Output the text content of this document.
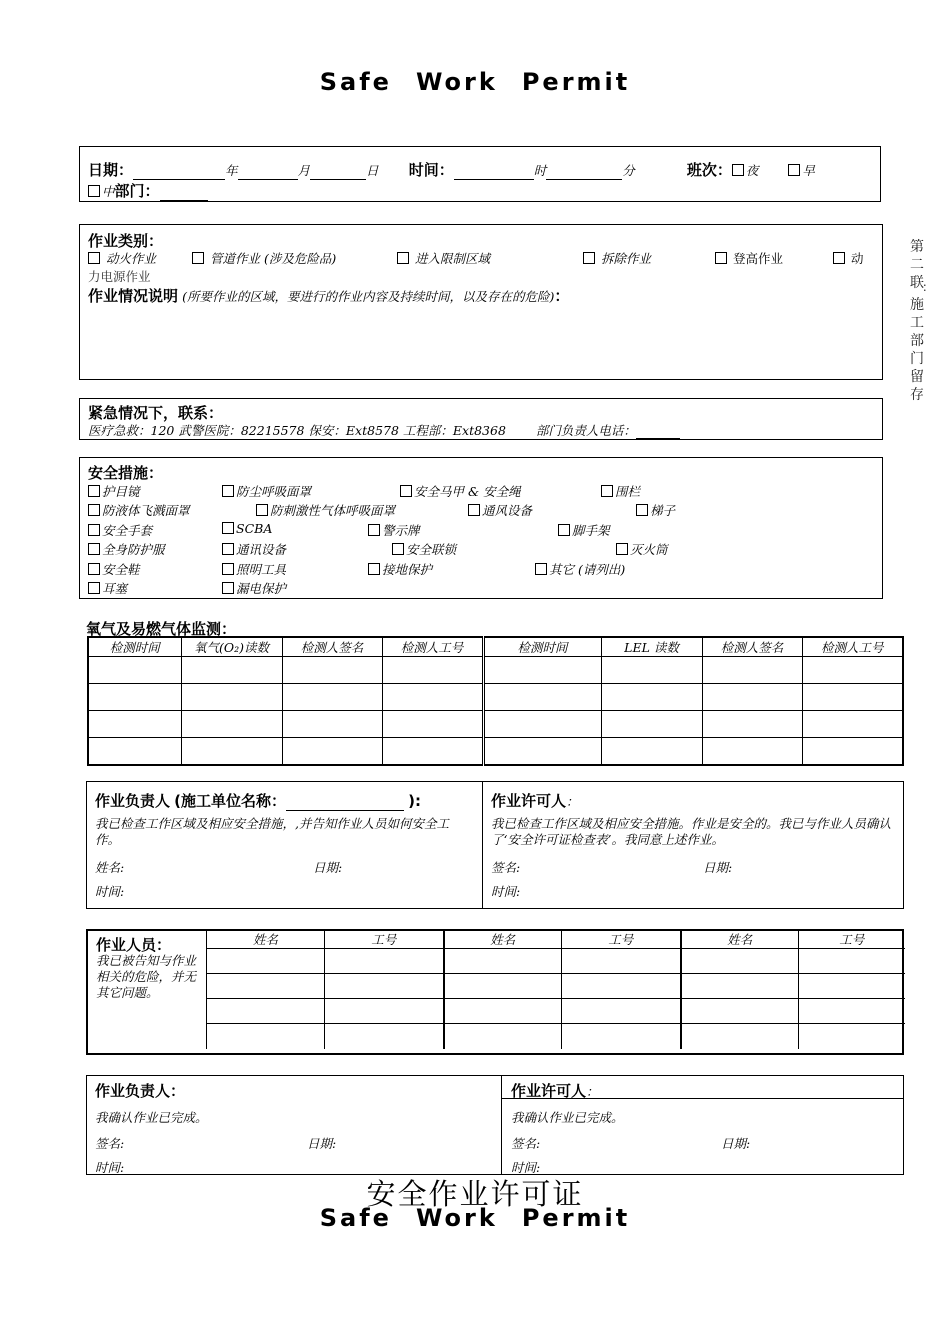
Safe Work Permit
第
二
联
：
施
工
部
门
留
存
日期：	年	月	日 时间：	时	分	班次： 夜	早
中部门：
作业类别：
动火作业	管道作业 (涉及危险品)	进入限制区域	拆除作业	登高作业	动
力电源作业
作业情况说明 (所要作业的区域，要进行的作业内容及持续时间，以及存在的危险)：
紧急情况下，联系：
医疗急救：120 武警医院：82215578 保安：Ext8578 工程部：Ext8368 部门负责人电话：
安全措施：
护目镜	防尘呼吸面罩	安全马甲 & 安全绳	围栏
防液体飞溅面罩	防刺激性气体呼吸面罩	通风设备	梯子
安全手套	SCBA	警示牌	脚手架
全身防护服	通讯设备	安全联锁	灭火筒
安全鞋	照明工具	接地保护	其它 (请列出)
耳塞	漏电保护
氧气及易燃气体监测：
检测时间	氧气(O₂)读数	检测人签名	检测人工号	检测时间	LEL 读数	检测人签名	检测人工号

作业负责人 (施工单位名称：	):
我已检查工作区域及相应安全措施，,并告知作业人员如何安全工作。
姓名:	日期:
时间:
作业许可人：
我已检查工作区域及相应安全措施。作业是安全的。我已与作业人员确认了‘安全许可证检查表’。我同意上述作业。
签名:	日期:
时间:
作业人员：
我已被告知与作业相关的危险，并无其它问题。
姓名	工号	姓名	工号	姓名	工号

作业负责人：
我确认作业已完成。
签名:	日期:
时间:
作业许可人：
我确认作业已完成。
签名:	日期:
时间:
安全作业许可证
Safe Work Permit
